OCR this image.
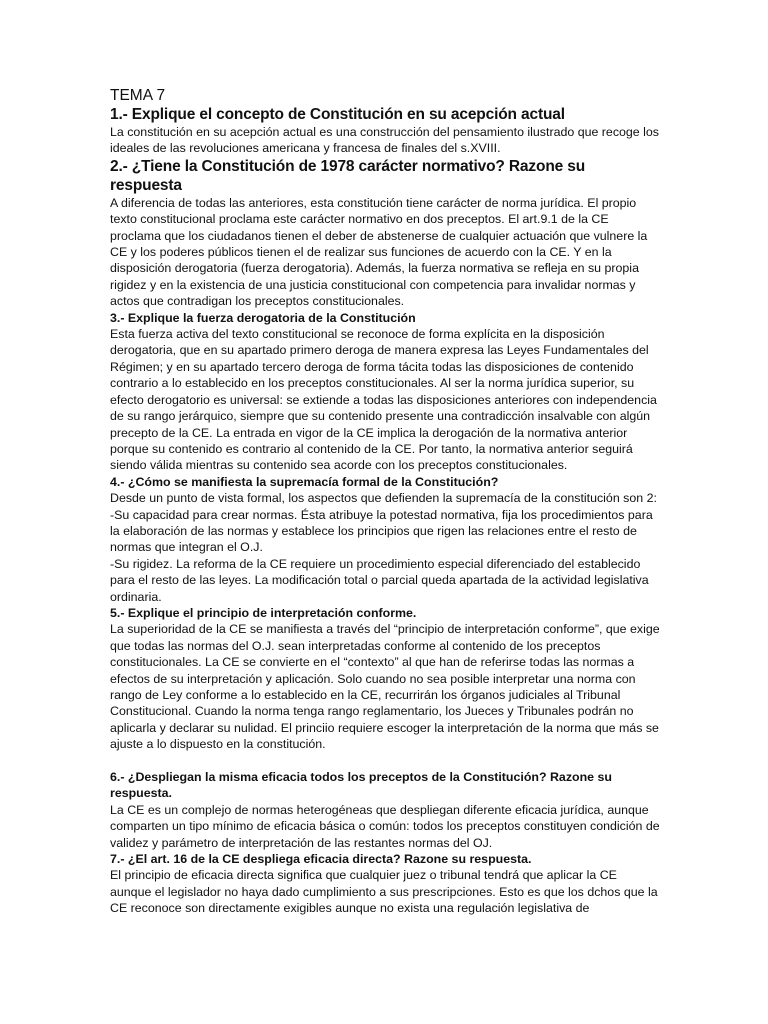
TEMA 7
1.- Explique el concepto de Constitución en su acepción actual

La constitución en su acepción actual es una construcción del pensamiento ilustrado que recoge los ideales de las revoluciones americana y francesa de finales del s.XVIII.

2.- ¿Tiene la Constitución de 1978 carácter normativo? Razone su respuesta

A diferencia de todas las anteriores, esta constitución tiene carácter de norma jurídica. El propio texto constitucional proclama este carácter normativo en dos preceptos. El art.9.1 de la CE proclama que los ciudadanos tienen el deber de abstenerse de cualquier actuación que vulnere la CE y los poderes públicos tienen el de realizar sus funciones de acuerdo con la CE. Y en la disposición derogatoria (fuerza derogatoria). Además, la fuerza normativa se refleja en su propia rigidez y en la existencia de una justicia constitucional con competencia para invalidar normas y actos que contradigan los preceptos constitucionales.

3.- Explique la fuerza derogatoria de la Constitución

Esta fuerza activa del texto constitucional se reconoce de forma explícita en la disposición derogatoria, que en su apartado primero deroga de manera expresa las Leyes Fundamentales del Régimen; y en su apartado tercero deroga de forma tácita todas las disposiciones de contenido contrario a lo establecido en los preceptos constitucionales. Al ser la norma jurídica superior, su efecto derogatorio es universal: se extiende a todas las disposiciones anteriores con independencia de su rango jerárquico, siempre que su contenido presente una contradicción insalvable con algún precepto de la CE. La entrada en vigor de la CE implica la derogación de la normativa anterior porque su contenido es contrario al contenido de la CE. Por tanto, la normativa anterior seguirá siendo válida mientras su contenido sea acorde con los preceptos constitucionales.

4.- ¿Cómo se manifiesta la supremacía formal de la Constitución?

Desde un punto de vista formal, los aspectos que defienden la supremacía de la constitución son 2:

-Su capacidad para crear normas. Ésta atribuye la potestad normativa, fija los procedimientos para la elaboración de las normas y establece los principios que rigen las relaciones entre el resto de normas que integran el O.J.

-Su rigidez. La reforma de la CE requiere un procedimiento especial diferenciado del establecido para el resto de las leyes. La modificación total o parcial queda apartada de la actividad legislativa ordinaria.

5.- Explique el principio de interpretación conforme.

La superioridad de la CE se manifiesta a través del “principio de interpretación conforme”, que exige que todas las normas del O.J. sean interpretadas conforme al contenido de los preceptos constitucionales. La CE se convierte en el “contexto” al que han de referirse todas las normas a efectos de su interpretación y aplicación. Solo cuando no sea posible interpretar una norma con rango de Ley conforme a lo establecido en la CE, recurrirán los órganos judiciales al Tribunal Constitucional. Cuando la norma tenga rango reglamentario, los Jueces y Tribunales podrán no aplicarla y declarar su nulidad. El princiio requiere escoger la interpretación de la norma que más se ajuste a lo dispuesto en la constitución.

6.- ¿Despliegan la misma eficacia todos los preceptos de la Constitución? Razone su respuesta.

La CE es un complejo de normas heterogéneas que despliegan diferente eficacia jurídica, aunque comparten un tipo mínimo de eficacia básica o común: todos los preceptos constituyen condición de validez y parámetro de interpretación de las restantes normas del OJ.

7.- ¿El art. 16 de la CE despliega eficacia directa? Razone su respuesta.

El principio de eficacia directa significa que cualquier juez o tribunal tendrá que aplicar la CE aunque el legislador no haya dado cumplimiento a sus prescripciones. Esto es que los dchos que la CE reconoce son directamente exigibles aunque no exista una regulación legislativa de
